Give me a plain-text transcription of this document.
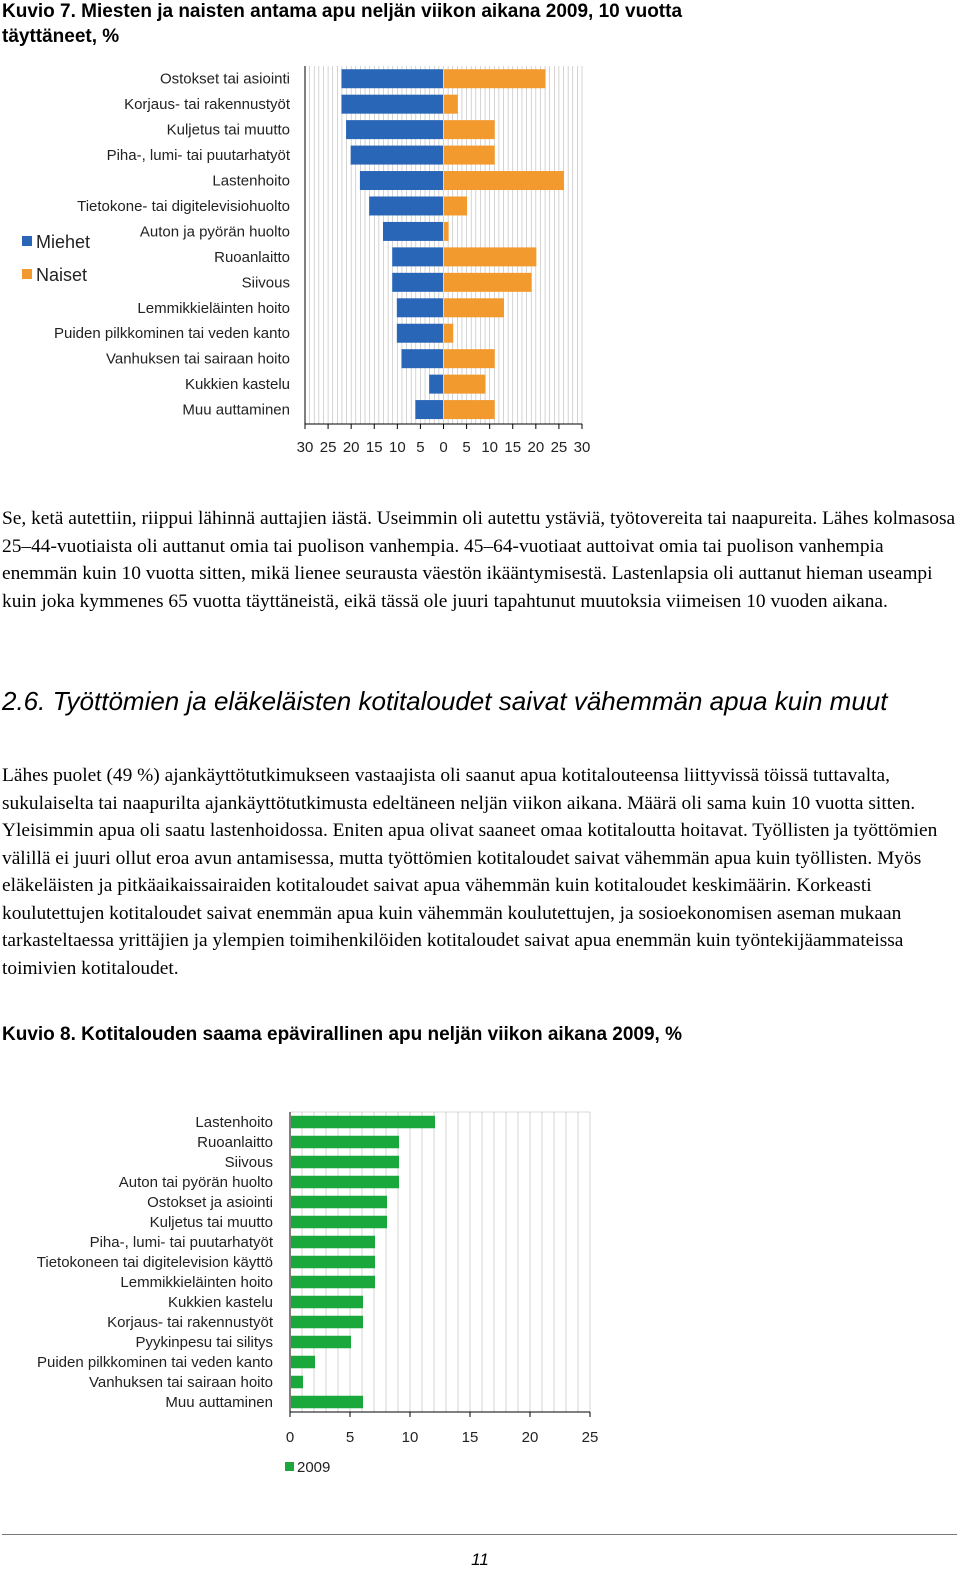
Kuvio 7. Miesten ja naisten antama apu neljän viikon aikana 2009, 10 vuotta täyttäneet, %
30 25 20 15 10 5 0 5 10 15 20 25 30
Ostokset tai asiointi
Korjaus- tai rakennustyöt
Kuljetus tai muutto
Piha-, lumi- tai puutarhatyöt
Lastenhoito
Tietokone- tai digitelevisiohuolto
Auton ja pyörän huolto
Ruoanlaitto
Siivous
Lemmikkieläinten hoito
Puiden pilkkominen tai veden kanto
Vanhuksen tai sairaan hoito
Kukkien kastelu
Muu auttaminen
Miehet
Naiset

Se, ketä autettiin, riippui lähinnä auttajien iästä. Useimmin oli autettu ystäviä, työtovereita tai naapureita. Lähes kolmasosa 25–44-vuotiaista oli auttanut omia tai puolison vanhempia. 45–64-vuotiaat auttoivat omia tai puolison vanhempia enemmän kuin 10 vuotta sitten, mikä lienee seurausta väestön ikääntymisestä. Lastenlapsia oli auttanut hieman useampi kuin joka kymmenes 65 vuotta täyttäneistä, eikä tässä ole juuri tapahtunut muutoksia viimeisen 10 vuoden aikana.

2.6. Työttömien ja eläkeläisten kotitaloudet saivat vähemmän apua kuin muut

Lähes puolet (49 %) ajankäyttötutkimukseen vastaajista oli saanut apua kotitalouteensa liittyvissä töissä tuttavalta, sukulaiselta tai naapurilta ajankäyttötutkimusta edeltäneen neljän viikon aikana. Määrä oli sama kuin 10 vuotta sitten. Yleisimmin apua oli saatu lastenhoidossa. Eniten apua olivat saaneet omaa kotitaloutta hoitavat. Työllisten ja työttömien välillä ei juuri ollut eroa avun antamisessa, mutta työttömien kotitaloudet saivat vähemmän apua kuin työllisten. Myös eläkeläisten ja pitkäaikaissairaiden kotitaloudet saivat apua vähemmän kuin kotitaloudet keskimäärin. Korkeasti koulutettujen kotitaloudet saivat enemmän apua kuin vähemmän koulutettujen, ja sosioekonomisen aseman mukaan tarkasteltaessa yrittäjien ja ylempien toimihenkilöiden kotitaloudet saivat apua enemmän kuin työntekijäammateissa toimivien kotitaloudet.

Kuvio 8. Kotitalouden saama epävirallinen apu neljän viikon aikana 2009, %
0	5	10	15	20	25
Lastenhoito
Ruoanlaitto
Siivous
Auton tai pyörän huolto
Ostokset ja asiointi
Kuljetus tai muutto
Piha-, lumi- tai puutarhatyöt
Tietokoneen tai digitelevision käyttö
Lemmikkieläinten hoito
Kukkien kastelu
Korjaus- tai rakennustyöt
Pyykinpesu tai silitys
Puiden pilkkominen tai veden kanto
Vanhuksen tai sairaan hoito
Muu auttaminen
2009
11
